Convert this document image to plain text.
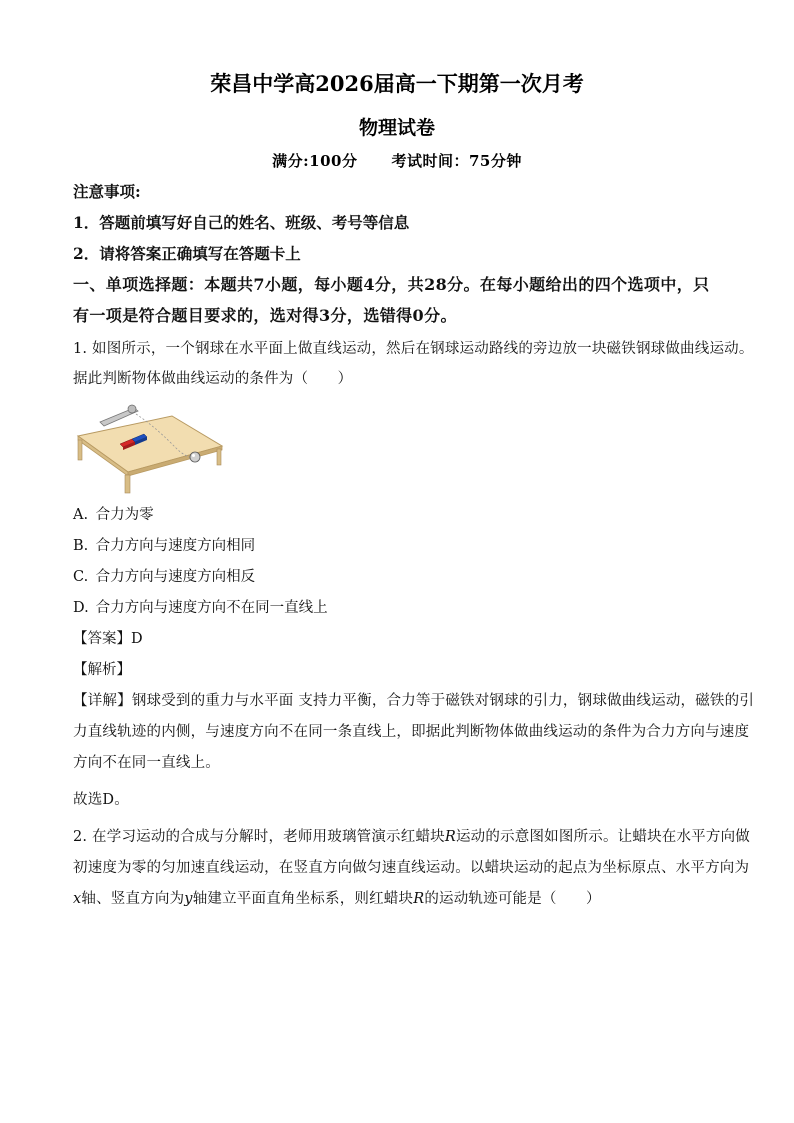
荣昌中学高2026届高一下期第一次月考
物理试卷
满分:100分 考试时间：75分钟
注意事项:
1．答题前填写好自己的姓名、班级、考号等信息
2．请将答案正确填写在答题卡上
一、单项选择题：本题共7小题，每小题4分，共28分。在每小题给出的四个选项中，只
有一项是符合题目要求的，选对得3分，选错得0分。
1. 如图所示，一个钢球在水平面上做直线运动，然后在钢球运动路线的旁边放一块磁铁钢球做曲线运动。
据此判断物体做曲线运动的条件为（　　）
A. 合力为零
B. 合力方向与速度方向相同
C. 合力方向与速度方向相反
D. 合力方向与速度方向不在同一直线上
【答案】D
【解析】
【详解】钢球受到的重力与水平面 支持力平衡，合力等于磁铁对钢球的引力，钢球做曲线运动，磁铁的引
力直线轨迹的内侧，与速度方向不在同一条直线上，即据此判断物体做曲线运动的条件为合力方向与速度
方向不在同一直线上。
故选D。
2. 在学习运动的合成与分解时，老师用玻璃管演示红蜡块R运动的示意图如图所示。让蜡块在水平方向做
初速度为零的匀加速直线运动，在竖直方向做匀速直线运动。以蜡块运动的起点为坐标原点、水平方向为
x轴、竖直方向为y轴建立平面直角坐标系，则红蜡块R的运动轨迹可能是（　　）
